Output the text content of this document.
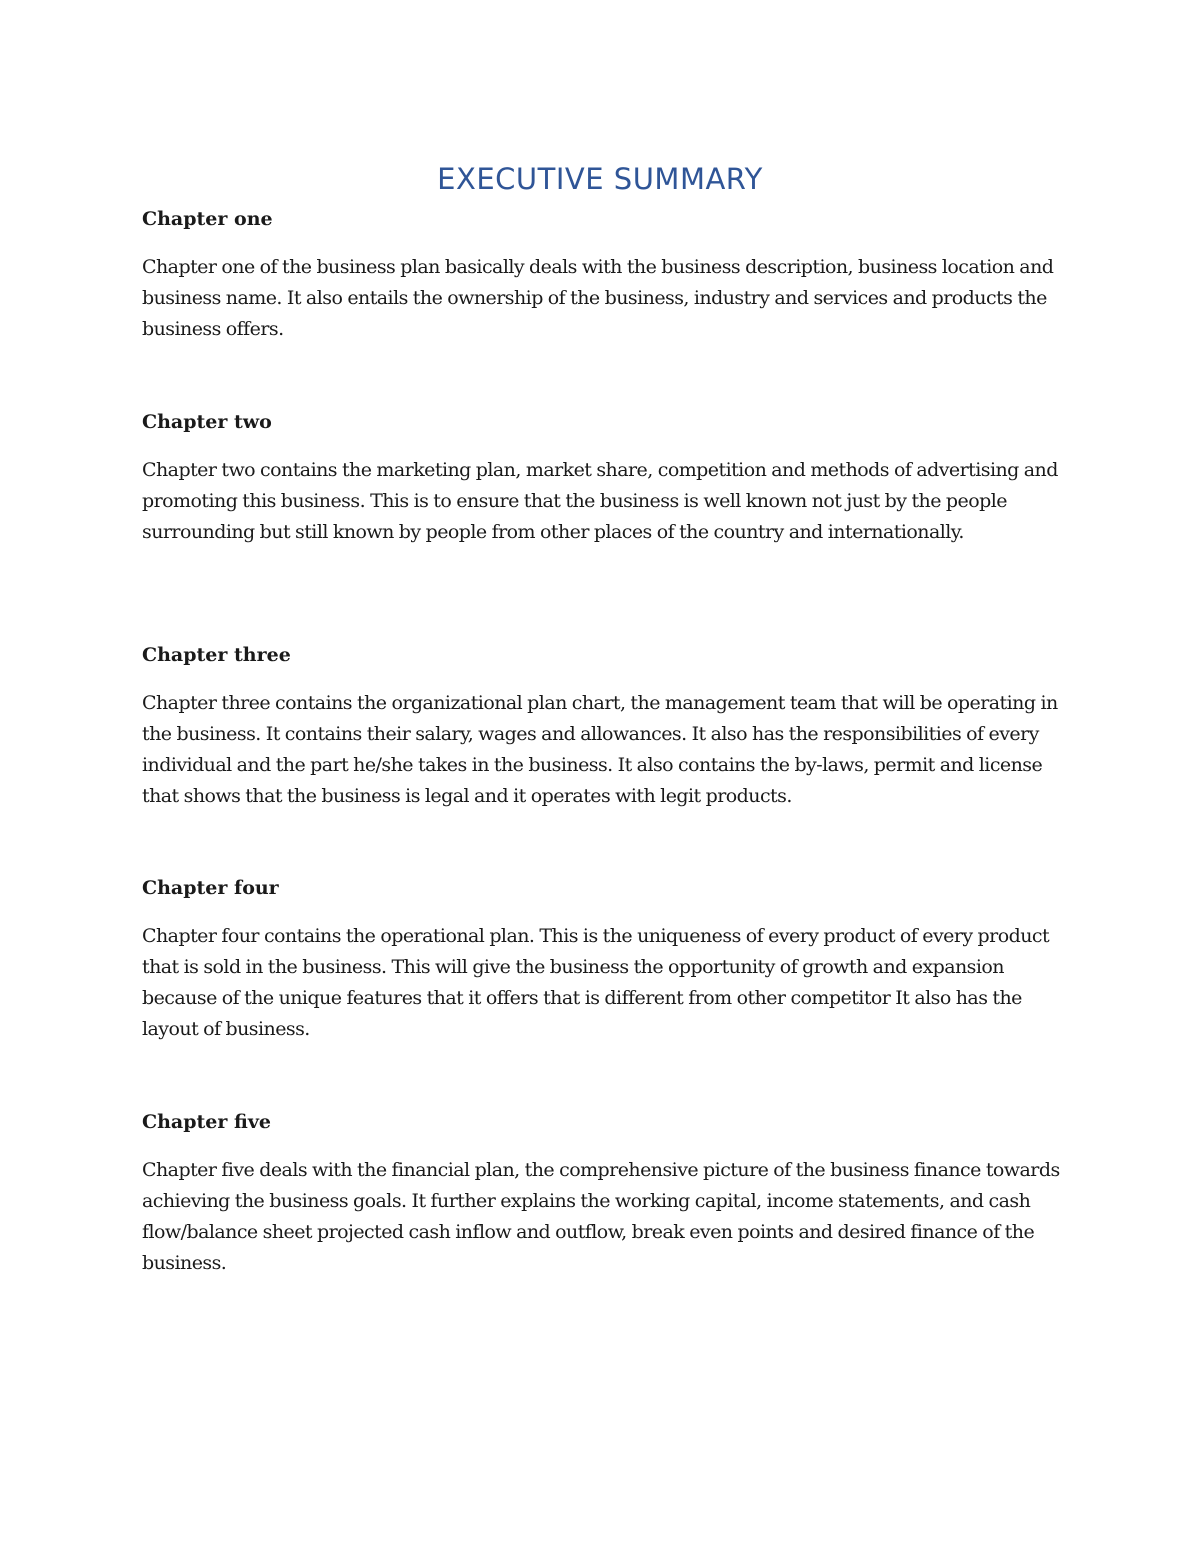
EXECUTIVE SUMMARY
Chapter one

Chapter one of the business plan basically deals with the business description, business location and business name. It also entails the ownership of the business, industry and services and products the business offers.

Chapter two

Chapter two contains the marketing plan, market share, competition and methods of advertising and promoting this business. This is to ensure that the business is well known not just by the people surrounding but still known by people from other places of the country and internationally.

Chapter three

Chapter three contains the organizational plan chart, the management team that will be operating in the business. It contains their salary, wages and allowances. It also has the responsibilities of every individual and the part he/she takes in the business. It also contains the by-laws, permit and license that shows that the business is legal and it operates with legit products.

Chapter four

Chapter four contains the operational plan. This is the uniqueness of every product of every product that is sold in the business. This will give the business the opportunity of growth and expansion because of the unique features that it offers that is different from other competitor It also has the layout of business.

Chapter five

Chapter five deals with the financial plan, the comprehensive picture of the business finance towards achieving the business goals. It further explains the working capital, income statements, and cash flow/balance sheet projected cash inflow and outflow, break even points and desired finance of the business.
